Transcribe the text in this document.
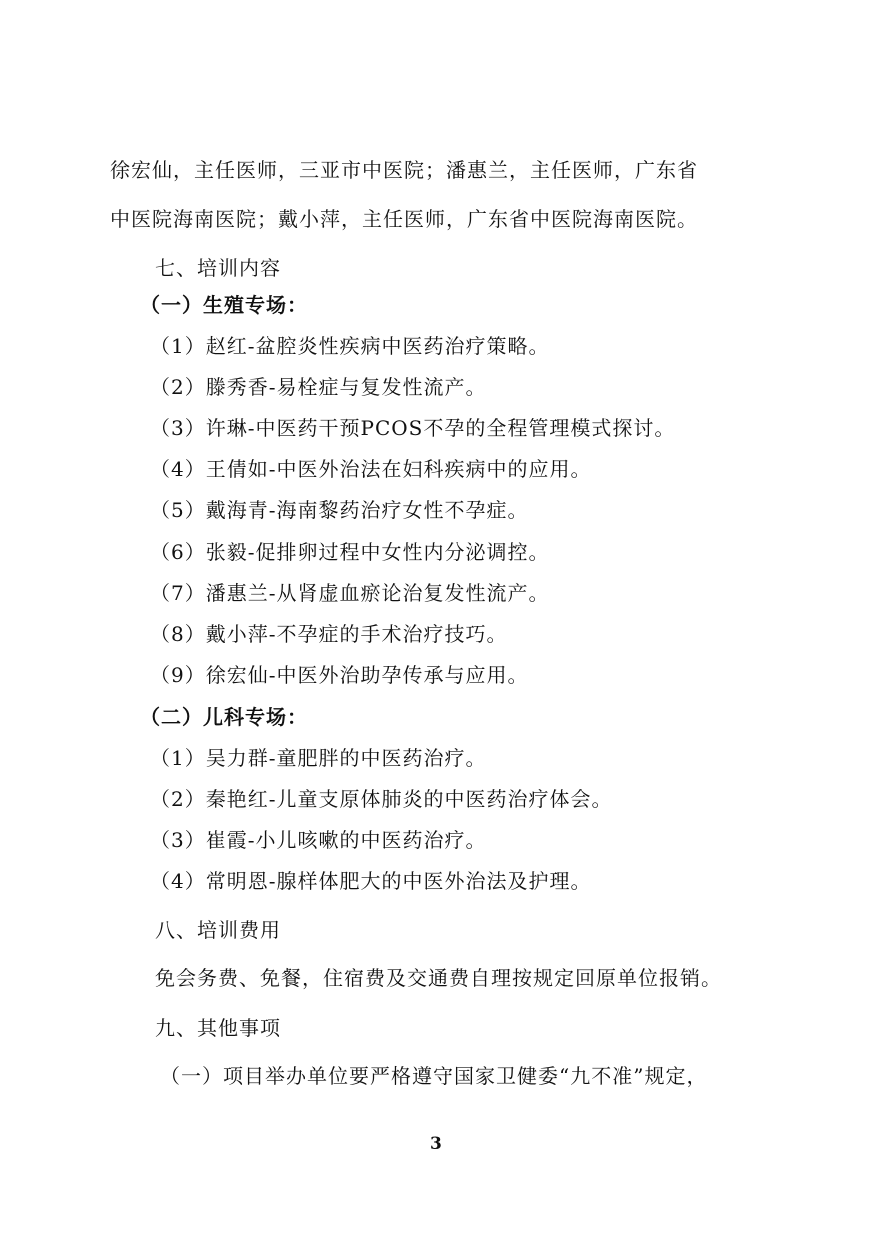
徐宏仙，主任医师，三亚市中医院；潘惠兰，主任医师，广东省
中医院海南医院；戴小萍，主任医师，广东省中医院海南医院。
七、培训内容
（一）生殖专场：
（1）赵红-盆腔炎性疾病中医药治疗策略。
（2）滕秀香-易栓症与复发性流产。
（3）许琳-中医药干预PCOS不孕的全程管理模式探讨。
（4）王倩如-中医外治法在妇科疾病中的应用。
（5）戴海青-海南黎药治疗女性不孕症。
（6）张毅-促排卵过程中女性内分泌调控。
（7）潘惠兰-从肾虚血瘀论治复发性流产。
（8）戴小萍-不孕症的手术治疗技巧。
（9）徐宏仙-中医外治助孕传承与应用。
（二）儿科专场：
（1）吴力群-童肥胖的中医药治疗。
（2）秦艳红-儿童支原体肺炎的中医药治疗体会。
（3）崔霞-小儿咳嗽的中医药治疗。
（4）常明恩-腺样体肥大的中医外治法及护理。
八、培训费用
免会务费、免餐，住宿费及交通费自理按规定回原单位报销。
九、其他事项
（一）项目举办单位要严格遵守国家卫健委“九不准”规定，
3
